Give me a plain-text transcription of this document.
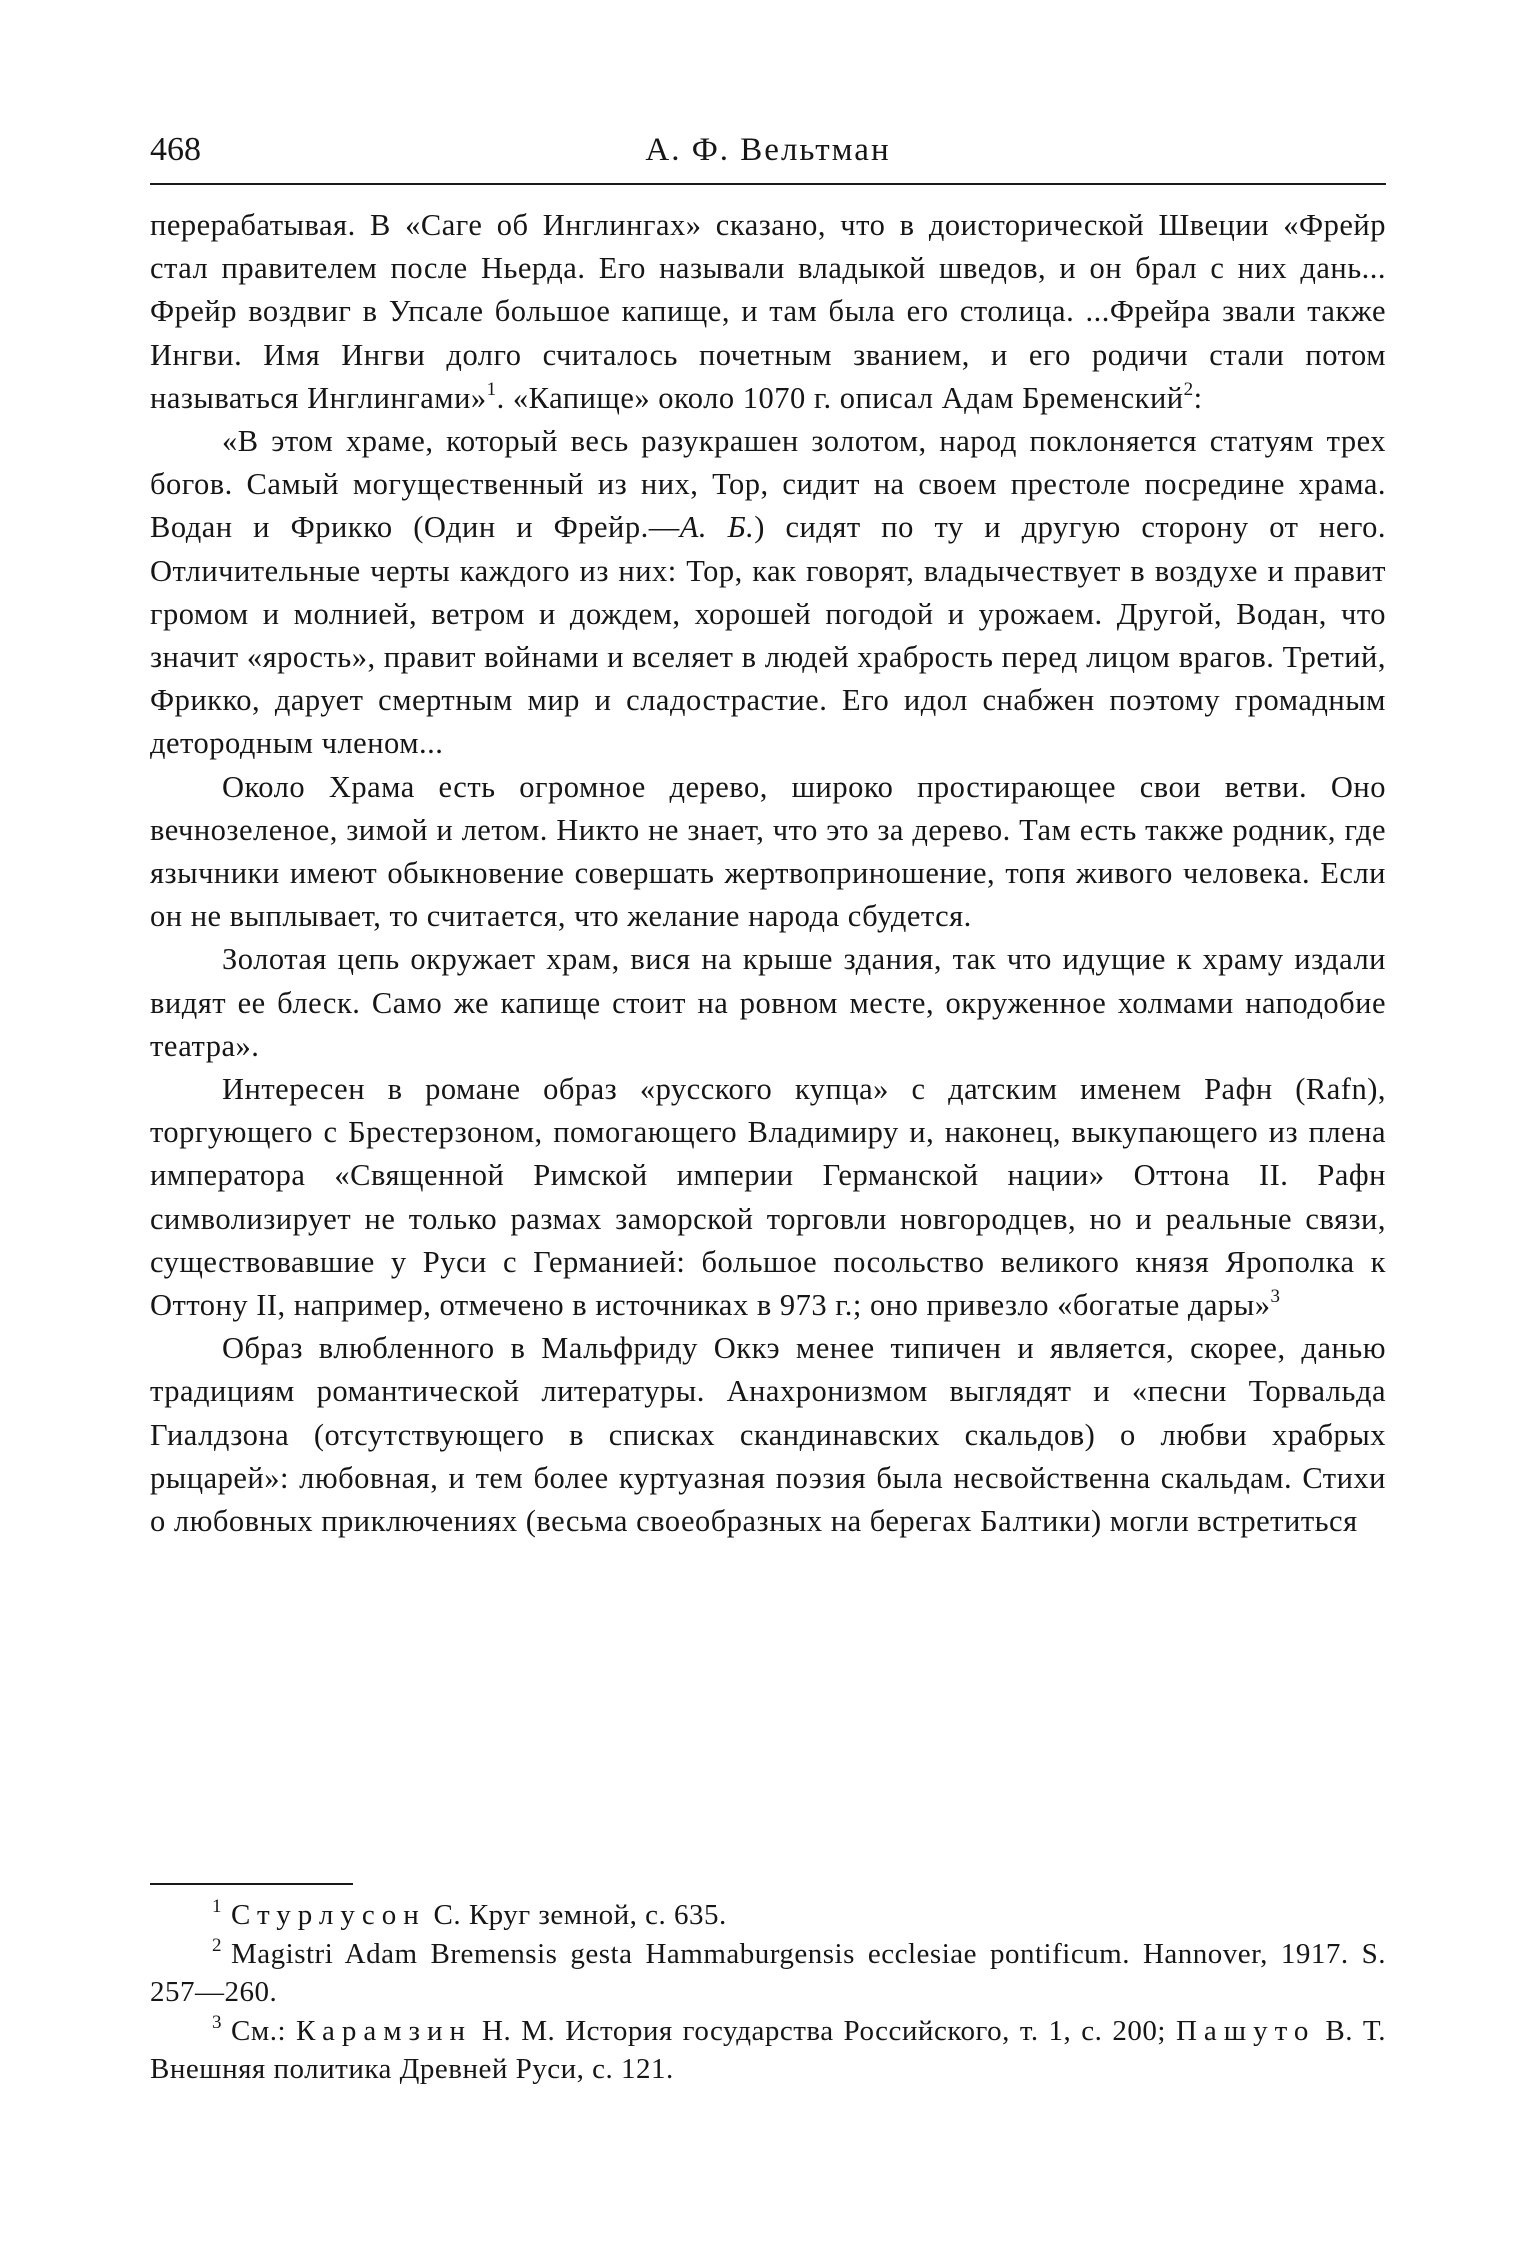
468	А. Ф. Вельтман

перерабатывая. В «Саге об Инглингах» сказано, что в доисторической Швеции «Фрейр стал правителем после Ньерда. Его называли владыкой шведов, и он брал с них дань... Фрейр воздвиг в Упсале большое капище, и там была его столица. ...Фрейра звали также Ингви. Имя Ингви долго считалось почетным званием, и его родичи стали потом называться Инглингами»$^1$. «Капище» около 1070 г. описал Адам Бременский$^2$:

«В этом храме, который весь разукрашен золотом, народ поклоняется статуям трех богов. Самый могущественный из них, Тор, сидит на своем престоле посредине храма. Водан и Фрикко (Один и Фрейр.—А. Б.) сидят по ту и другую сторону от него. Отличительные черты каждого из них: Тор, как говорят, владычествует в воздухе и правит громом и молнией, ветром и дождем, хорошей погодой и урожаем. Другой, Водан, что значит «ярость», правит войнами и вселяет в людей храбрость перед лицом врагов. Третий, Фрикко, дарует смертным мир и сладострастие. Его идол снабжен поэтому громадным детородным членом...

Около Храма есть огромное дерево, широко простирающее свои ветви. Оно вечнозеленое, зимой и летом. Никто не знает, что это за дерево. Там есть также родник, где язычники имеют обыкновение совершать жертвоприношение, топя живого человека. Если он не выплывает, то считается, что желание народа сбудется.

Золотая цепь окружает храм, вися на крыше здания, так что идущие к храму издали видят ее блеск. Само же капище стоит на ровном месте, окруженное холмами наподобие театра».

Интересен в романе образ «русского купца» с датским именем Рафн (Rafn), торгующего с Брестерзоном, помогающего Владимиру и, наконец, выкупающего из плена императора «Священной Римской империи Германской нации» Оттона II. Рафн символизирует не только размах заморской торговли новгородцев, но и реальные связи, существовавшие у Руси с Германией: большое посольство великого князя Ярополка к Оттону II, например, отмечено в источниках в 973 г.; оно привезло «богатые дары»$^3$

Образ влюбленного в Мальфриду Оккэ менее типичен и является, скорее, данью традициям романтической литературы. Анахронизмом выглядят и «песни Торвальда Гиалдзона (отсутствующего в списках скандинавских скальдов) о любви храбрых рыцарей»: любовная, и тем более куртуазная поэзия была несвойственна скальдам. Стихи о любовных приключениях (весьма своеобразных на берегах Балтики) могли встретиться

$^1$ Стурлусон С. Круг земной, с. 635.

$^2$ Magistri Adam Bremensis gesta Hammaburgensis ecclesiae pontificum. Hannover, 1917. S. 257—260.

$^3$ См.: Карамзин Н. М. История государства Российского, т. 1, с. 200; Пашуто В. Т. Внешняя политика Древней Руси, с. 121.
